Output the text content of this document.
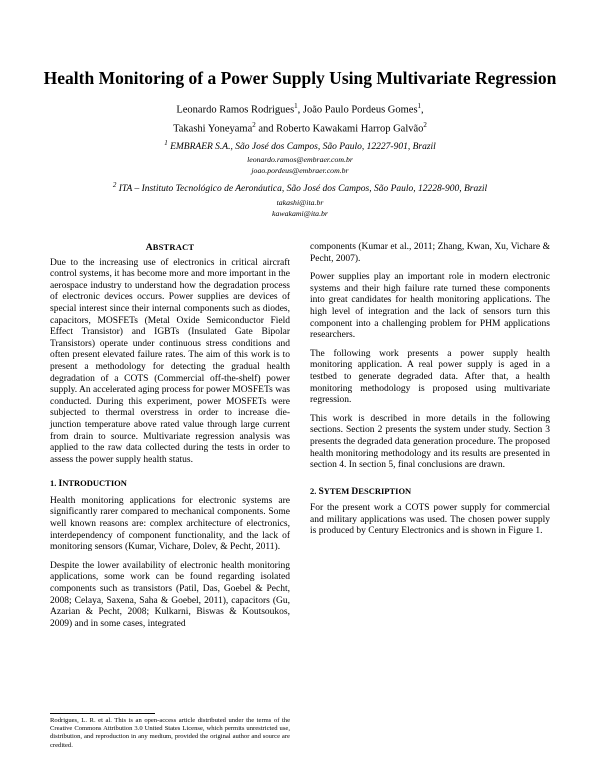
Health Monitoring of a Power Supply Using Multivariate Regression
Leonardo Ramos Rodrigues$^1$, João Paulo Pordeus Gomes$^1$,
Takashi Yoneyama$^2$ and Roberto Kawakami Harrop Galvão$^2$
$^1$ EMBRAER S.A., São José dos Campos, São Paulo, 12227-901, Brazil
leonardo.ramos@embraer.com.br
joao.pordeus@embraer.com.br
$^2$ ITA – Instituto Tecnológico de Aeronáutica, São José dos Campos, São Paulo, 12228-900, Brazil
takashi@ita.br
kawakami@ita.br
ABSTRACT

Due to the increasing use of electronics in critical aircraft control systems, it has become more and more important in the aerospace industry to understand how the degradation process of electronic devices occurs. Power supplies are devices of special interest since their internal components such as diodes, capacitors, MOSFETs (Metal Oxide Semiconductor Field Effect Transistor) and IGBTs (Insulated Gate Bipolar Transistors) operate under continuous stress conditions and often present elevated failure rates. The aim of this work is to present a methodology for detecting the gradual health degradation of a COTS (Commercial off-the-shelf) power supply. An accelerated aging process for power MOSFETs was conducted. During this experiment, power MOSFETs were subjected to thermal overstress in order to increase die-junction temperature above rated value through large current from drain to source. Multivariate regression analysis was applied to the raw data collected during the tests in order to assess the power supply health status.

1. INTRODUCTION

Health monitoring applications for electronic systems are significantly rarer compared to mechanical components. Some well known reasons are: complex architecture of electronics, interdependency of component functionality, and the lack of monitoring sensors (Kumar, Vichare, Dolev, & Pecht, 2011).

Despite the lower availability of electronic health monitoring applications, some work can be found regarding isolated components such as transistors (Patil, Das, Goebel & Pecht, 2008; Celaya, Saxena, Saha & Goebel, 2011), capacitors (Gu, Azarian & Pecht, 2008; Kulkarni, Biswas & Koutsoukos, 2009) and in some cases, integrated

components (Kumar et al., 2011; Zhang, Kwan, Xu, Vichare & Pecht, 2007).

Power supplies play an important role in modern electronic systems and their high failure rate turned these components into great candidates for health monitoring applications. The high level of integration and the lack of sensors turn this component into a challenging problem for PHM applications researchers.

The following work presents a power supply health monitoring application. A real power supply is aged in a testbed to generate degraded data. After that, a health monitoring methodology is proposed using multivariate regression.

This work is described in more details in the following sections. Section 2 presents the system under study. Section 3 presents the degraded data generation procedure. The proposed health monitoring methodology and its results are presented in section 4. In section 5, final conclusions are drawn.

2. SYTEM DESCRIPTION

For the present work a COTS power supply for commercial and military applications was used. The chosen power supply is produced by Century Electronics and is shown in Figure 1.

Rodrigues, L. R. et al. This is an open-access article distributed under the terms of the Creative Commons Attribution 3.0 United States License, which permits unrestricted use, distribution, and reproduction in any medium, provided the original author and source are credited.
